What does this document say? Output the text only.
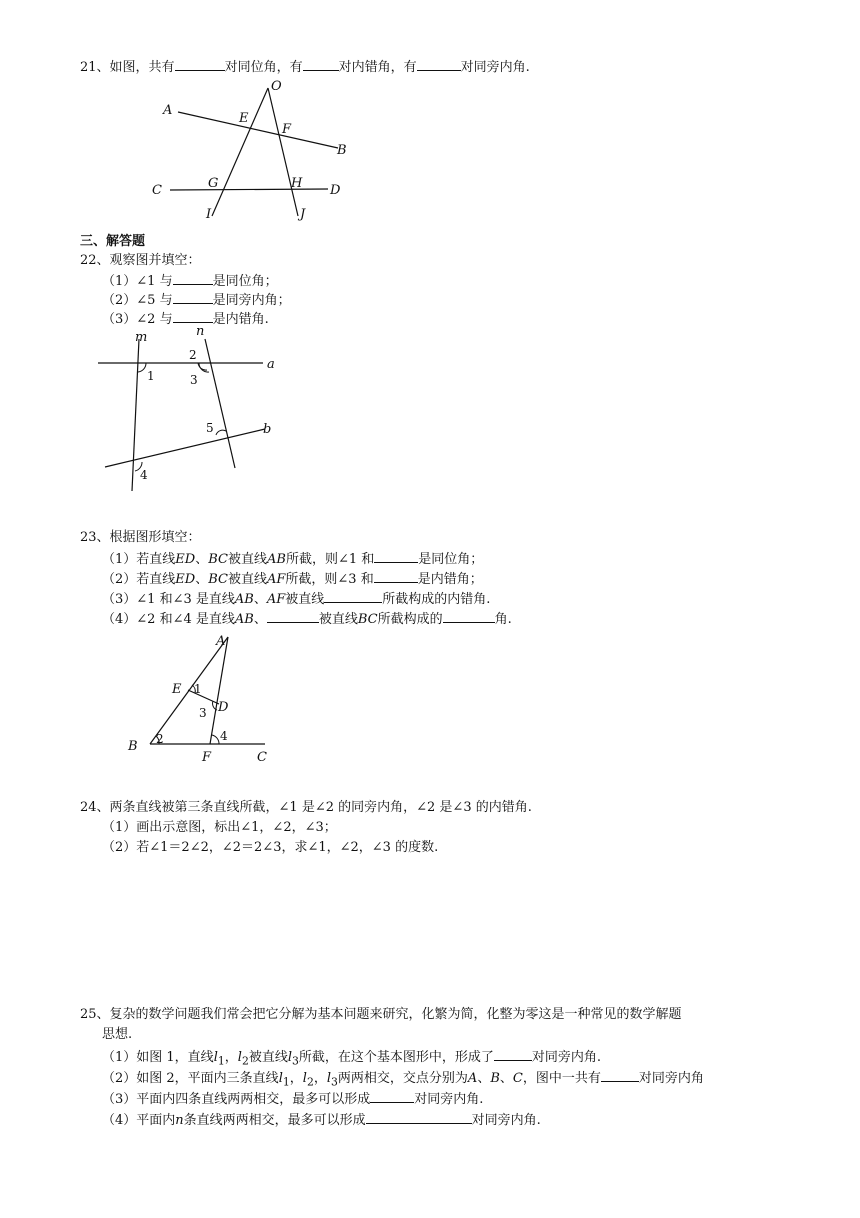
21、如图，共有	对同位角，有	对内错角，有	对同旁内角.
O
A
E
F
B
C	G	H D
I	J
三、解答题
22、观察图并填空：
（1）∠1 与	是同位角；
（2）∠5 与	是同旁内角；
（3）∠2 与	是内错角.
m	n
a
b
1
2
3
4
5
23、根据图形填空：
（1）若直线ED、BC被直线AB所截，则∠1 和	是同位角；
（2）若直线ED、BC被直线AF所截，则∠3 和	是内错角；
（3）∠1 和∠3 是直线AB、AF被直线	所截构成的内错角.
（4）∠2 和∠4 是直线AB、	被直线BC所截构成的	角.
A
E 1
3 D
B 2	4
F	C
24、两条直线被第三条直线所截，∠1 是∠2 的同旁内角，∠2 是∠3 的内错角.
（1）画出示意图，标出∠1，∠2，∠3；
（2）若∠1＝2∠2，∠2＝2∠3，求∠1，∠2，∠3 的度数.
25、复杂的数学问题我们常会把它分解为基本问题来研究，化繁为简，化整为零这是一种常见的数学解题
思想.
（1）如图 1，直线$l_1$，$l_2$被直线$l_3$所截，在这个基本图形中，形成了	对同旁内角.
（2）如图 2，平面内三条直线$l_1$，$l_2$，$l_3$两两相交，交点分别为A、B、C，图中一共有	对同旁内角
（3）平面内四条直线两两相交，最多可以形成	对同旁内角.
（4）平面内n条直线两两相交，最多可以形成	对同旁内角.
